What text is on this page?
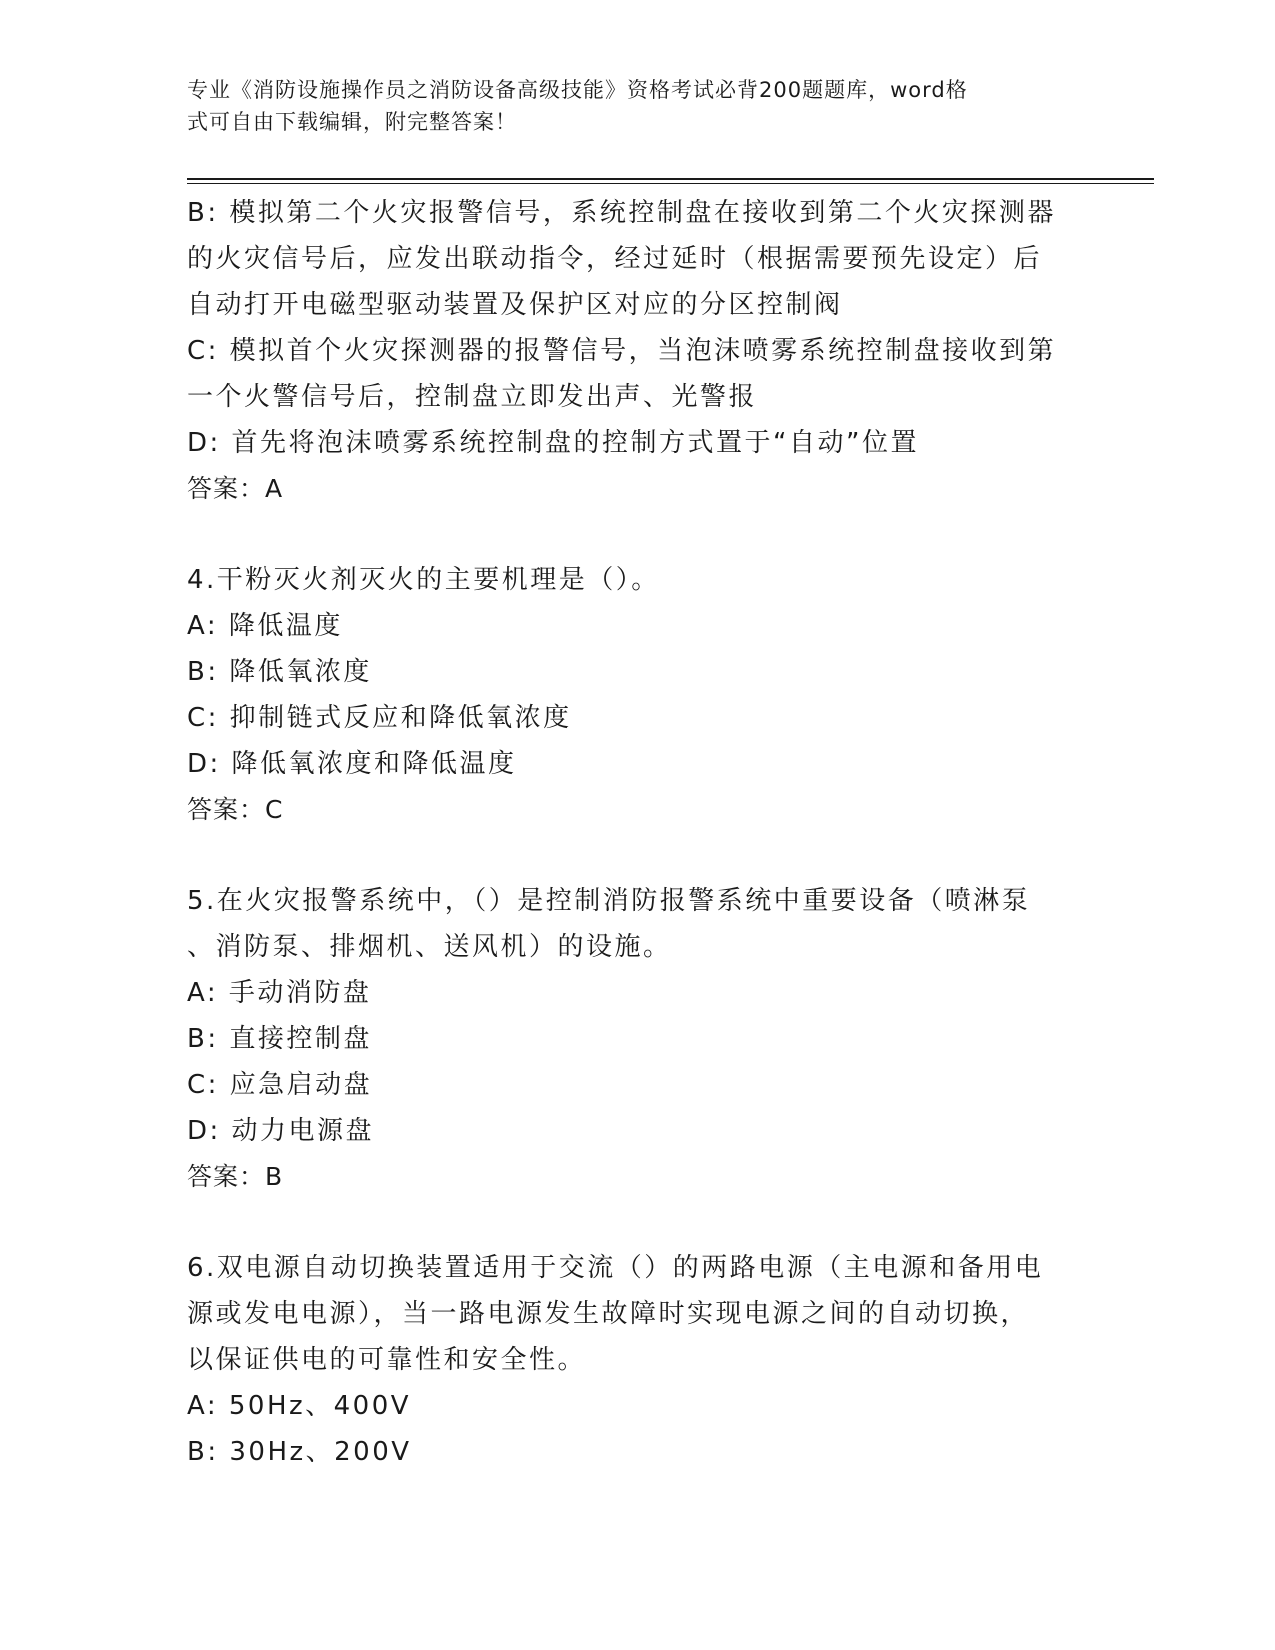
专业《消防设施操作员之消防设备高级技能》资格考试必背200题题库，word格
式可自由下载编辑，附完整答案！
B: 模拟第二个火灾报警信号，系统控制盘在接收到第二个火灾探测器
的火灾信号后，应发出联动指令，经过延时（根据需要预先设定）后
自动打开电磁型驱动装置及保护区对应的分区控制阀
C: 模拟首个火灾探测器的报警信号，当泡沫喷雾系统控制盘接收到第
一个火警信号后，控制盘立即发出声、光警报
D: 首先将泡沫喷雾系统控制盘的控制方式置于“自动”位置
答案：A
4.干粉灭火剂灭火的主要机理是（）。
A: 降低温度
B: 降低氧浓度
C: 抑制链式反应和降低氧浓度
D: 降低氧浓度和降低温度
答案：C
5.在火灾报警系统中，（）是控制消防报警系统中重要设备（喷淋泵
、消防泵、排烟机、送风机）的设施。
A: 手动消防盘
B: 直接控制盘
C: 应急启动盘
D: 动力电源盘
答案：B
6.双电源自动切换装置适用于交流（）的两路电源（主电源和备用电
源或发电电源），当一路电源发生故障时实现电源之间的自动切换，
以保证供电的可靠性和安全性。
A: 50Hz、400V
B: 30Hz、200V
